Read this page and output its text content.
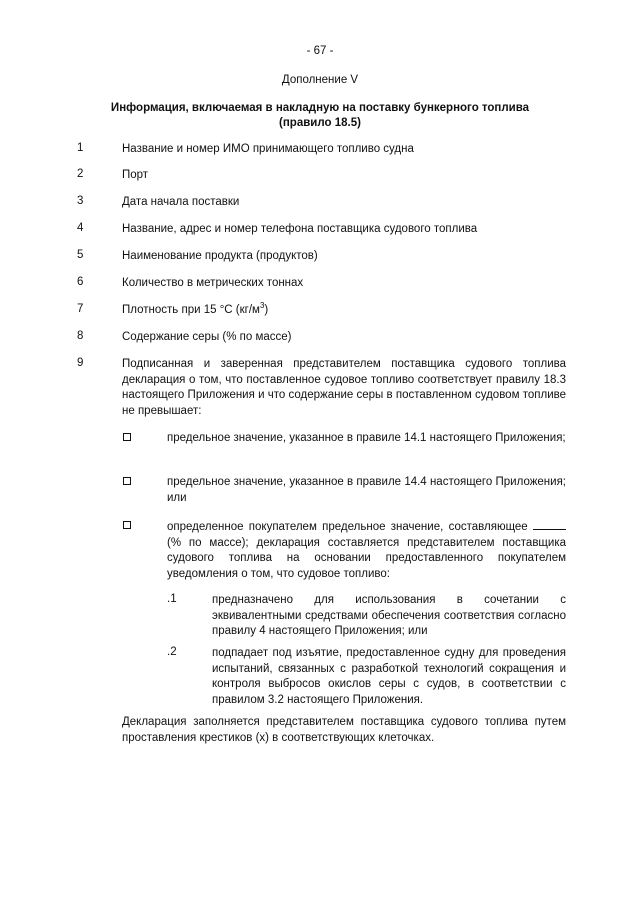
- 67 -
Дополнение V
Информация, включаемая в накладную на поставку бункерного топлива
(правило 18.5)
1	Название и номер ИМО принимающего топливо судна
2	Порт
3	Дата начала поставки
4	Название, адрес и номер телефона поставщика судового топлива
5	Наименование продукта (продуктов)
6	Количество в метрических тоннах
7	Плотность при 15 °C $(кг/м^3)$
8	Содержание серы (% по массе)
9	Подписанная и заверенная представителем поставщика судового топлива декларация о том, что поставленное судовое топливо соответствует правилу 18.3 настоящего Приложения и что содержание серы в поставленном судовом топливе не превышает:
предельное значение, указанное в правиле 14.1 настоящего Приложения;
предельное значение, указанное в правиле 14.4 настоящего Приложения; или
определенное покупателем предельное значение, составляющее  (% по массе); декларация составляется представителем поставщика судового топлива на основании предоставленного покупателем уведомления о том, что судовое топливо:
.1	предназначено для использования в сочетании с эквивалентными средствами обеспечения соответствия согласно правилу 4 настоящего Приложения; или
.2	подпадает под изъятие, предоставленное судну для проведения испытаний, связанных с разработкой технологий сокращения и контроля выбросов окислов серы с судов, в соответствии с правилом 3.2 настоящего Приложения.
Декларация заполняется представителем поставщика судового топлива путем проставления крестиков (x) в соответствующих клеточках.
